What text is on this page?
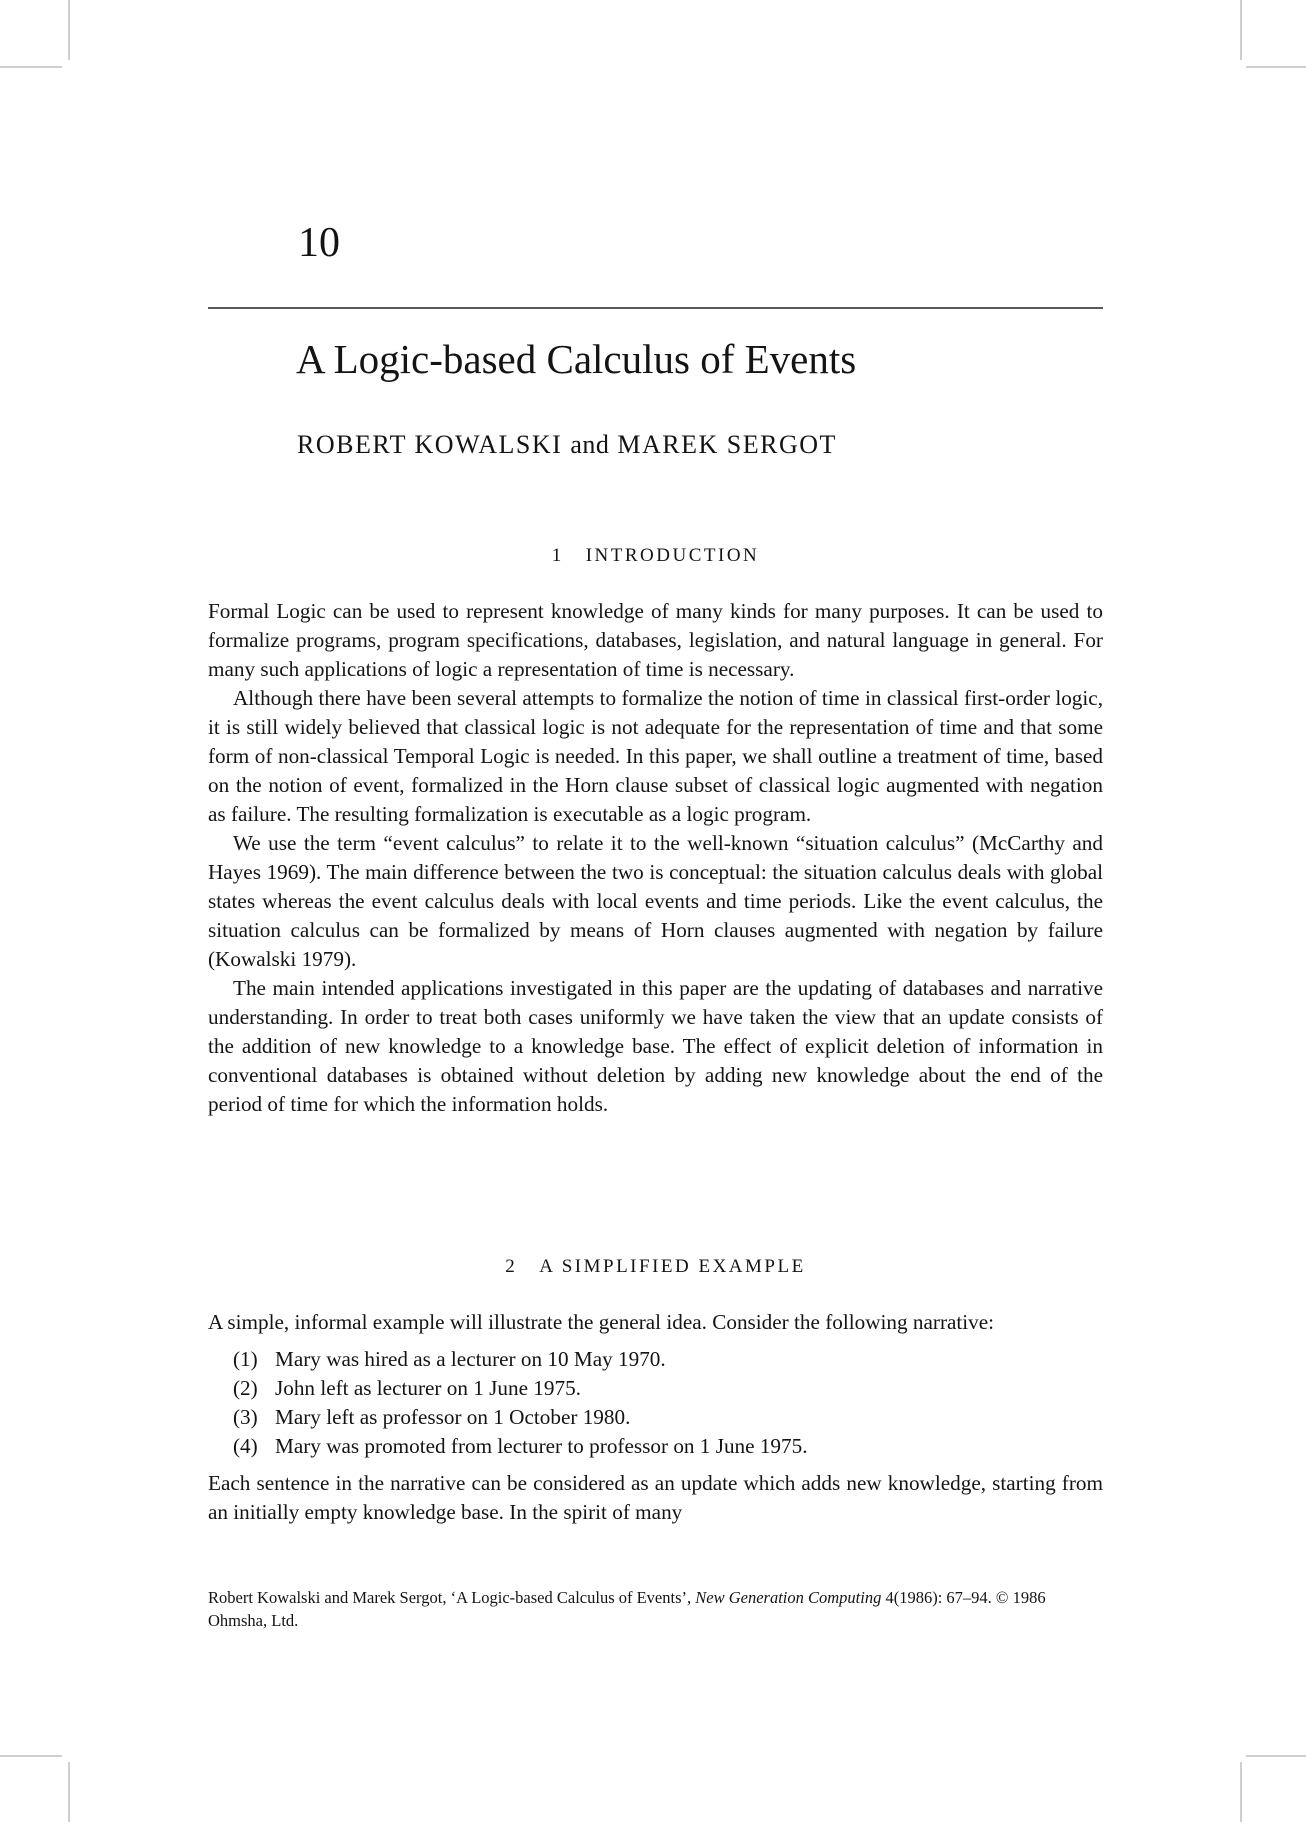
10
A Logic-based Calculus of Events
ROBERT KOWALSKI and MAREK SERGOT
1 INTRODUCTION

Formal Logic can be used to represent knowledge of many kinds for many purposes. It can be used to formalize programs, program specifications, databases, legislation, and natural language in general. For many such applications of logic a representation of time is necessary.

Although there have been several attempts to formalize the notion of time in classical first-order logic, it is still widely believed that classical logic is not adequate for the representation of time and that some form of non-classical Temporal Logic is needed. In this paper, we shall outline a treatment of time, based on the notion of event, formalized in the Horn clause subset of classical logic augmented with negation as failure. The resulting formalization is executable as a logic program.

We use the term “event calculus” to relate it to the well-known “situation calculus” (McCarthy and Hayes 1969). The main difference between the two is conceptual: the situation calculus deals with global states whereas the event calculus deals with local events and time periods. Like the event calculus, the situation calculus can be formalized by means of Horn clauses augmented with negation by failure (Kowalski 1979).

The main intended applications investigated in this paper are the updating of databases and narrative understanding. In order to treat both cases uniformly we have taken the view that an update consists of the addition of new knowledge to a knowledge base. The effect of explicit deletion of information in conventional databases is obtained without deletion by adding new knowledge about the end of the period of time for which the information holds.

2 A SIMPLIFIED EXAMPLE

A simple, informal example will illustrate the general idea. Consider the following narrative:

(1) Mary was hired as a lecturer on 10 May 1970.
(2) John left as lecturer on 1 June 1975.
(3) Mary left as professor on 1 October 1980.
(4) Mary was promoted from lecturer to professor on 1 June 1975.

Each sentence in the narrative can be considered as an update which adds new knowledge, starting from an initially empty knowledge base. In the spirit of many

Robert Kowalski and Marek Sergot, ‘A Logic-based Calculus of Events’, New Generation Computing 4(1986): 67–94. © 1986 Ohmsha, Ltd.
